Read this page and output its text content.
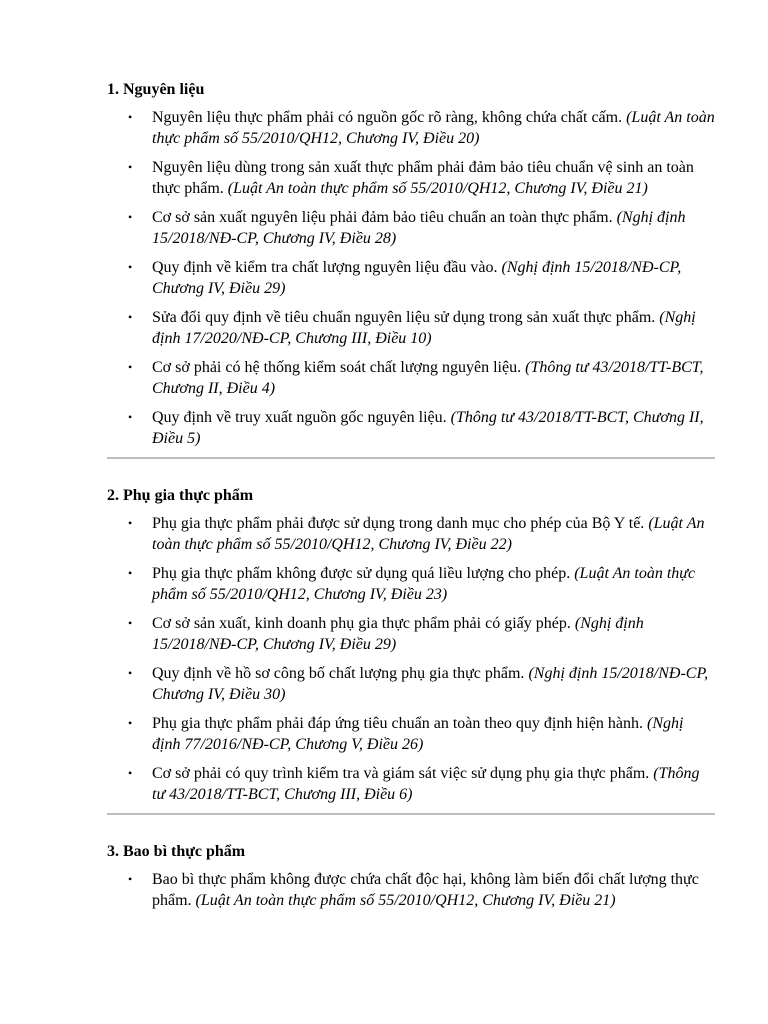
1. Nguyên liệu
• Nguyên liệu thực phẩm phải có nguồn gốc rõ ràng, không chứa chất cấm. (Luật An toàn thực phẩm số 55/2010/QH12, Chương IV, Điều 20)
• Nguyên liệu dùng trong sản xuất thực phẩm phải đảm bảo tiêu chuẩn vệ sinh an toàn thực phẩm. (Luật An toàn thực phẩm số 55/2010/QH12, Chương IV, Điều 21)
• Cơ sở sản xuất nguyên liệu phải đảm bảo tiêu chuẩn an toàn thực phẩm. (Nghị định 15/2018/NĐ-CP, Chương IV, Điều 28)
• Quy định về kiểm tra chất lượng nguyên liệu đầu vào. (Nghị định 15/2018/NĐ-CP, Chương IV, Điều 29)
• Sửa đổi quy định về tiêu chuẩn nguyên liệu sử dụng trong sản xuất thực phẩm. (Nghị định 17/2020/NĐ-CP, Chương III, Điều 10)
• Cơ sở phải có hệ thống kiểm soát chất lượng nguyên liệu. (Thông tư 43/2018/TT-BCT, Chương II, Điều 4)
• Quy định về truy xuất nguồn gốc nguyên liệu. (Thông tư 43/2018/TT-BCT, Chương II, Điều 5)
2. Phụ gia thực phẩm
• Phụ gia thực phẩm phải được sử dụng trong danh mục cho phép của Bộ Y tế. (Luật An toàn thực phẩm số 55/2010/QH12, Chương IV, Điều 22)
• Phụ gia thực phẩm không được sử dụng quá liều lượng cho phép. (Luật An toàn thực phẩm số 55/2010/QH12, Chương IV, Điều 23)
• Cơ sở sản xuất, kinh doanh phụ gia thực phẩm phải có giấy phép. (Nghị định 15/2018/NĐ-CP, Chương IV, Điều 29)
• Quy định về hồ sơ công bố chất lượng phụ gia thực phẩm. (Nghị định 15/2018/NĐ-CP, Chương IV, Điều 30)
• Phụ gia thực phẩm phải đáp ứng tiêu chuẩn an toàn theo quy định hiện hành. (Nghị định 77/2016/NĐ-CP, Chương V, Điều 26)
• Cơ sở phải có quy trình kiểm tra và giám sát việc sử dụng phụ gia thực phẩm. (Thông tư 43/2018/TT-BCT, Chương III, Điều 6)
3. Bao bì thực phẩm
• Bao bì thực phẩm không được chứa chất độc hại, không làm biến đổi chất lượng thực phẩm. (Luật An toàn thực phẩm số 55/2010/QH12, Chương IV, Điều 21)
